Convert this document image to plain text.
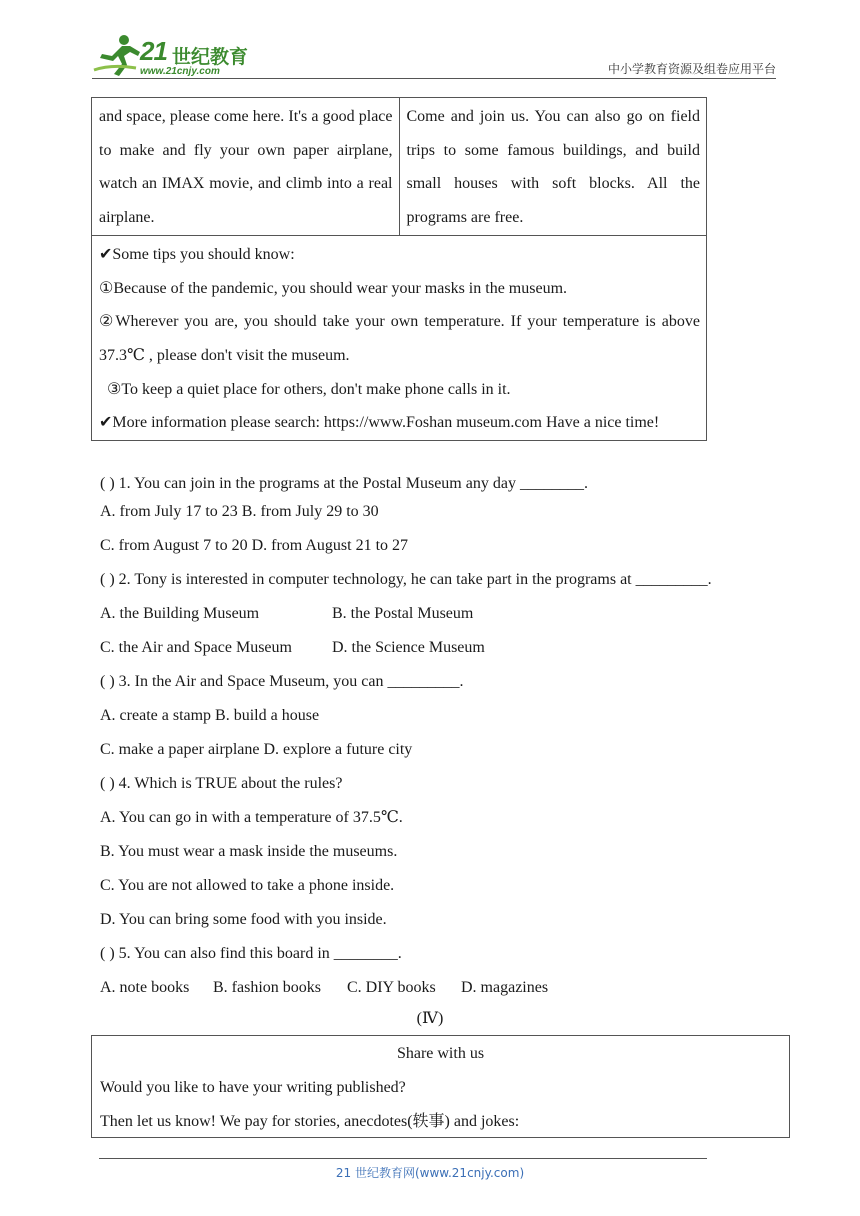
21 世纪教育
www.21cnjy.com	中小学教育资源及组卷应用平台
and space, please come here. It's a good place to make and fly your own paper airplane, watch an IMAX movie, and climb into a real airplane.	Come and join us. You can also go on field trips to some famous buildings, and build small houses with soft blocks. All the programs are free.

✔Some tips you should know:
①Because of the pandemic, you should wear your masks in the museum.
②Wherever you are, you should take your own temperature. If your temperature is above 37.3℃ , please don't visit the museum.
③To keep a quiet place for others, don't make phone calls in it.
✔More information please search: https://www.Foshan museum.com Have a nice time!
( ) 1. You can join in the programs at the Postal Museum any day ________.
A. from July 17 to 23 B. from July 29 to 30
C. from August 7 to 20 D. from August 21 to 27
( ) 2. Tony is interested in computer technology, he can take part in the programs at _________.
A. the Building Museum	B. the Postal Museum
C. the Air and Space Museum	D. the Science Museum
( ) 3. In the Air and Space Museum, you can _________.
A. create a stamp B. build a house
C. make a paper airplane D. explore a future city
( ) 4. Which is TRUE about the rules?
A. You can go in with a temperature of 37.5℃.
B. You must wear a mask inside the museums.
C. You are not allowed to take a phone inside.
D. You can bring some food with you inside.
( ) 5. You can also find this board in ________.
A. note books B. fashion books C. DIY books D. magazines
(Ⅳ)
Share with us
Would you like to have your writing published?
Then let us know! We pay for stories, anecdotes(轶事) and jokes:
21 世纪教育网(www.21cnjy.com)
